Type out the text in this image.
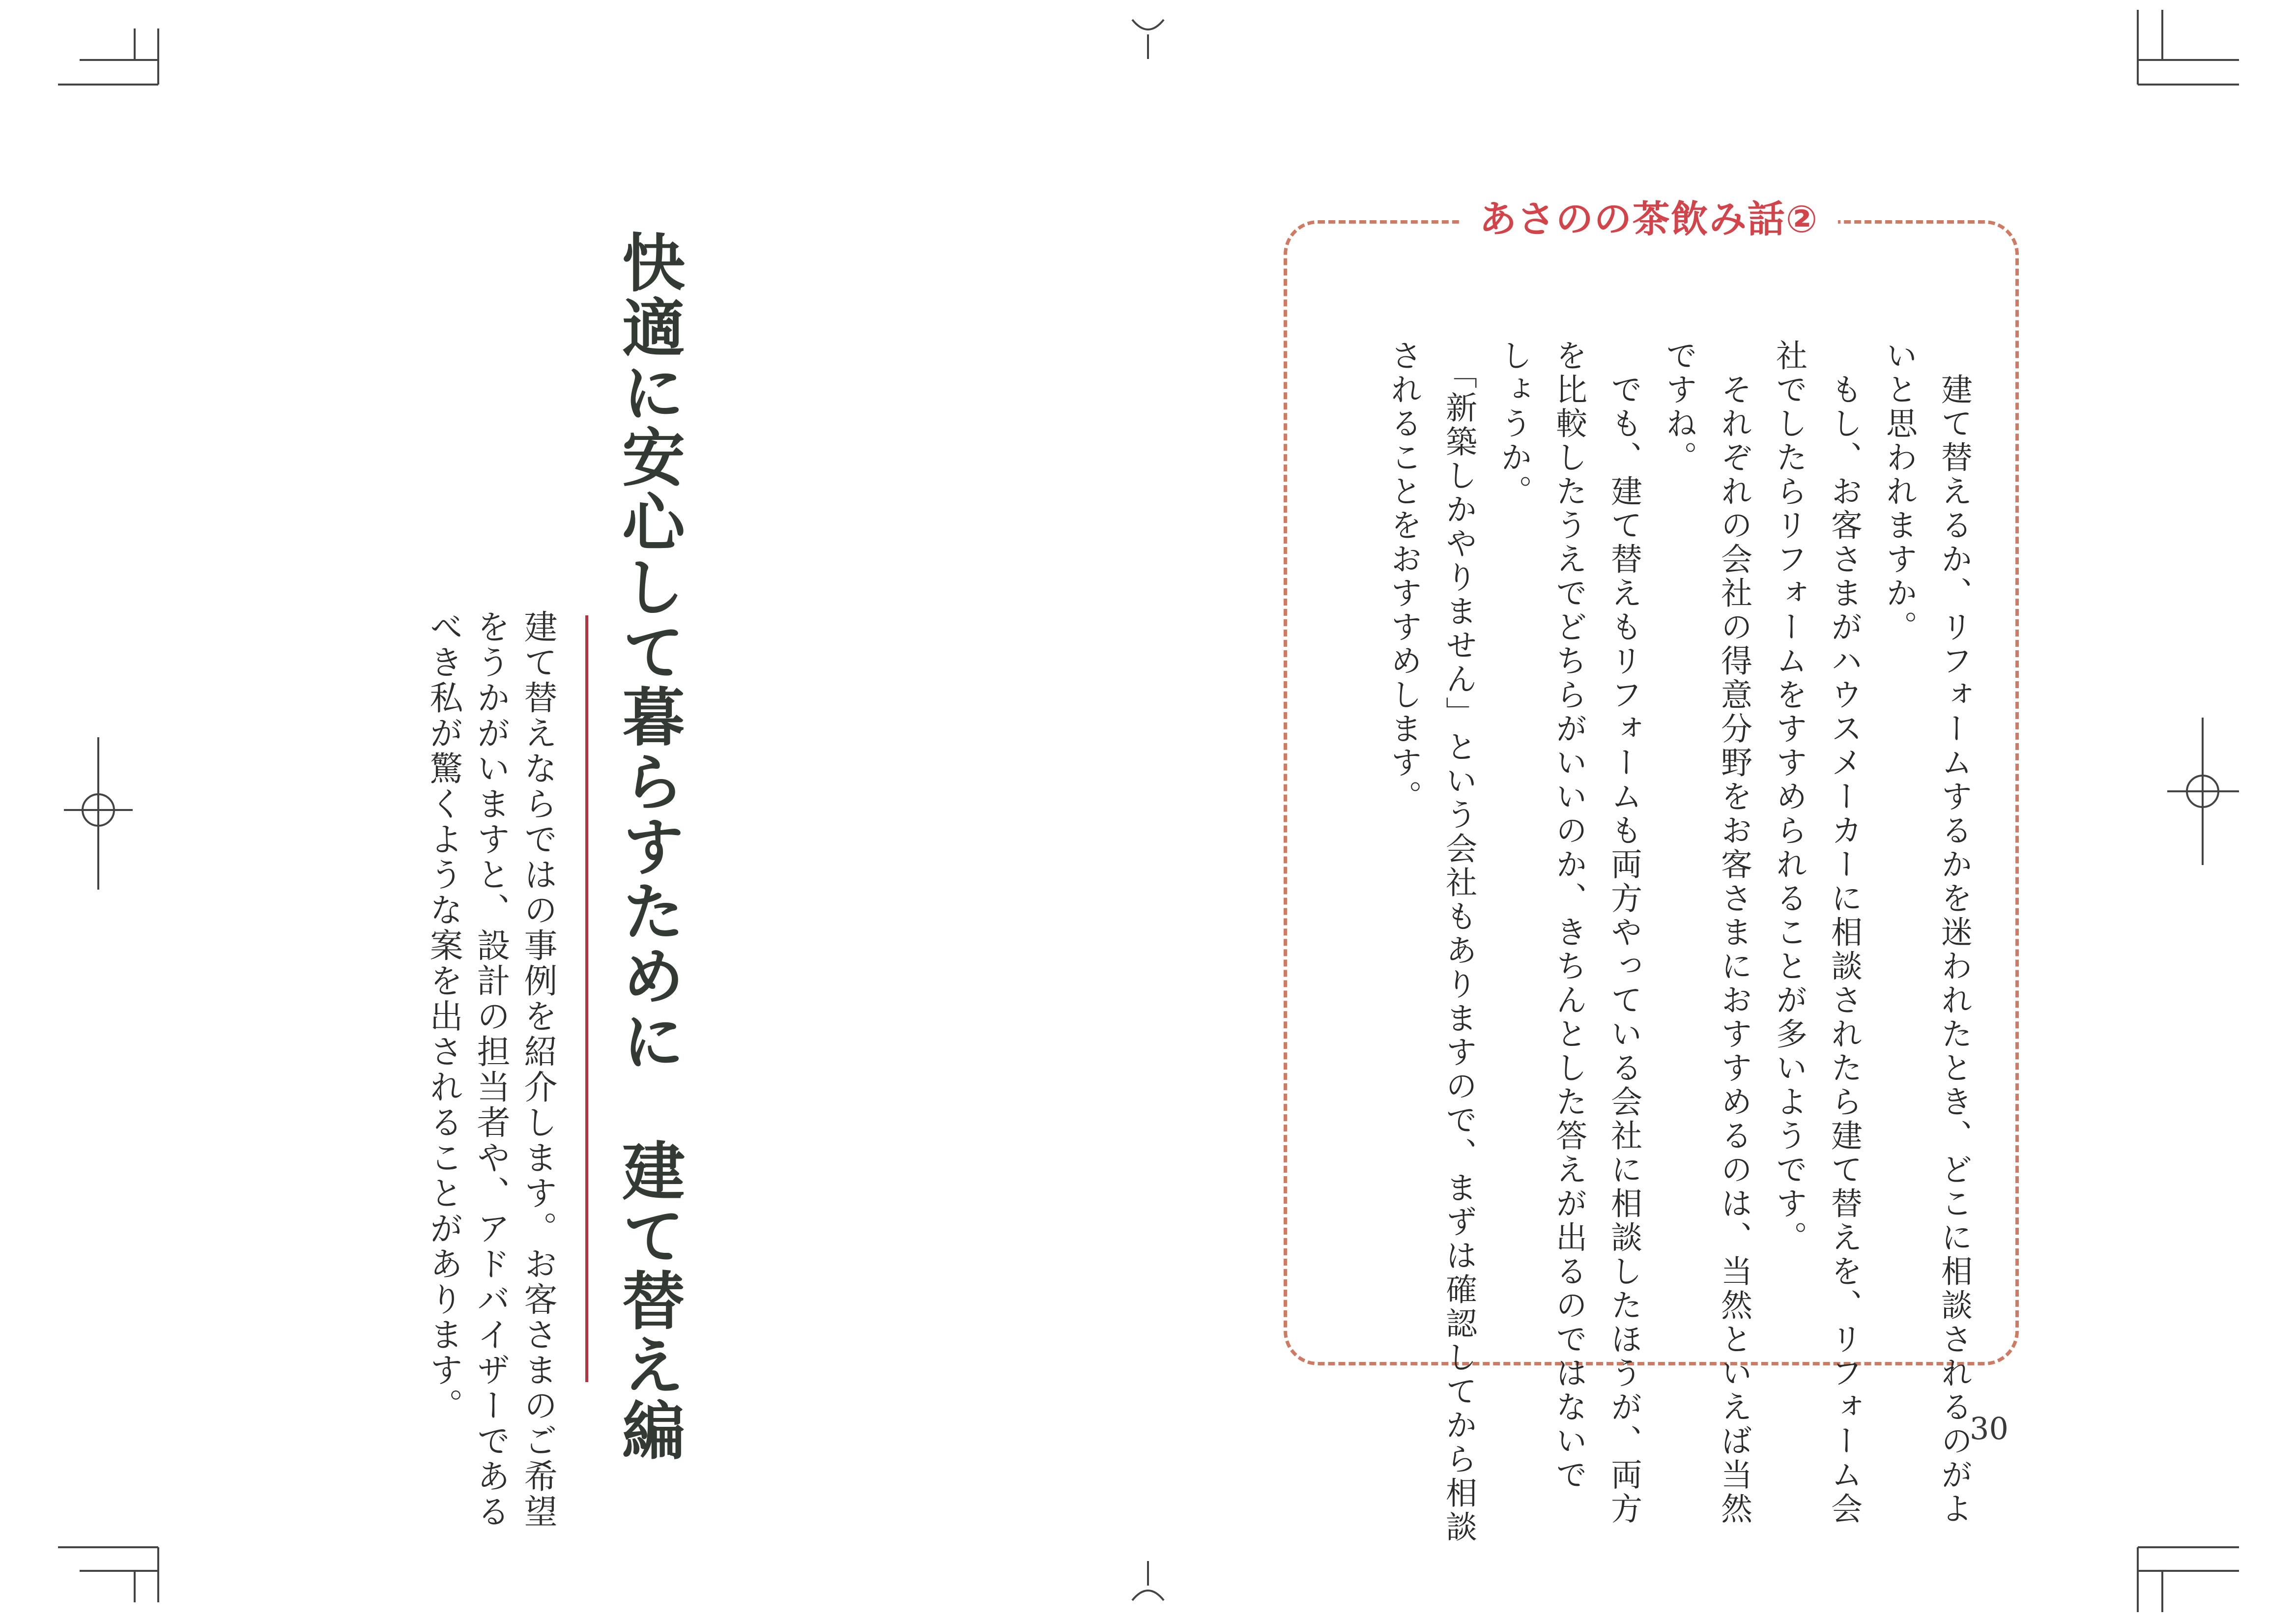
快適に安心して暮らすために　建て替え編
建て替えならではの事例を紹介します。お客さまのご希望
をうかがいますと、設計の担当者や、アドバイザーである
べき私が驚くような案を出されることがあります。
あさのの茶飲み話②
　建て替えるか、リフォームするかを迷われたとき、どこに相談されるのがよ
いと思われますか。
　もし、お客さまがハウスメーカーに相談されたら建て替えを、リフォーム会
社でしたらリフォームをすすめられることが多いようです。
　それぞれの会社の得意分野をお客さまにおすすめるのは、当然といえば当然
ですね。
　でも、建て替えもリフォームも両方やっている会社に相談したほうが、両方
を比較したうえでどちらがいいのか、きちんとした答えが出るのではないで
しょうか。
　「新築しかやりません」という会社もありますので、まずは確認してから相談
されることをおすすめします。
30
